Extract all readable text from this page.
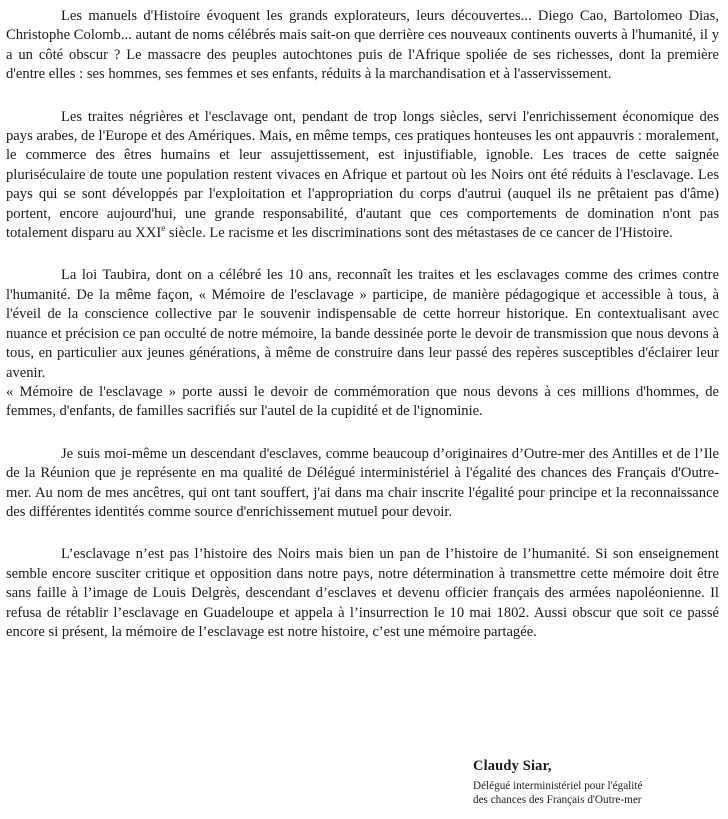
Les manuels d'Histoire évoquent les grands explorateurs, leurs découvertes... Diego Cao, Bartolomeo Dias, Christophe Colomb... autant de noms célébrés mais sait-on que derrière ces nouveaux continents ouverts à l'humanité, il y a un côté obscur ? Le massacre des peuples autochtones puis de l'Afrique spoliée de ses richesses, dont la première d'entre elles : ses hommes, ses femmes et ses enfants, réduits à la marchandisation et à l'asservissement.

Les traites négrières et l'esclavage ont, pendant de trop longs siècles, servi l'enrichissement économique des pays arabes, de l'Europe et des Amériques. Mais, en même temps, ces pratiques honteuses les ont appauvris : moralement, le commerce des êtres humains et leur assujettissement, est injustifiable, ignoble. Les traces de cette saignée pluriséculaire de toute une population restent vivaces en Afrique et partout où les Noirs ont été réduits à l'esclavage. Les pays qui se sont développés par l'exploitation et l'appropriation du corps d'autrui (auquel ils ne prêtaient pas d'âme) portent, encore aujourd'hui, une grande responsabilité, d'autant que ces comportements de domination n'ont pas totalement disparu au XXIe siècle. Le racisme et les discriminations sont des métastases de ce cancer de l'Histoire.

La loi Taubira, dont on a célébré les 10 ans, reconnaît les traites et les esclavages comme des crimes contre l'humanité. De la même façon, « Mémoire de l'esclavage » participe, de manière pédagogique et accessible à tous, à l'éveil de la conscience collective par le souvenir indispensable de cette horreur historique. En contextualisant avec nuance et précision ce pan occulté de notre mémoire, la bande dessinée porte le devoir de transmission que nous devons à tous, en particulier aux jeunes générations, à même de construire dans leur passé des repères susceptibles d'éclairer leur avenir.

« Mémoire de l'esclavage » porte aussi le devoir de commémoration que nous devons à ces millions d'hommes, de femmes, d'enfants, de familles sacrifiés sur l'autel de la cupidité et de l'ignominie.

Je suis moi-même un descendant d'esclaves, comme beaucoup d’originaires d’Outre-mer des Antilles et de l’Ile de la Réunion que je représente en ma qualité de Délégué interministériel à l'égalité des chances des Français d'Outre-mer. Au nom de mes ancêtres, qui ont tant souffert, j'ai dans ma chair inscrite l'égalité pour principe et la reconnaissance des différentes identités comme source d'enrichissement mutuel pour devoir.

L’esclavage n’est pas l’histoire des Noirs mais bien un pan de l’histoire de l’humanité. Si son enseignement semble encore susciter critique et opposition dans notre pays, notre détermination à transmettre cette mémoire doit être sans faille à l’image de Louis Delgrès, descendant d’esclaves et devenu officier français des armées napoléonienne. Il refusa de rétablir l’esclavage en Guadeloupe et appela à l’insurrection le 10 mai 1802. Aussi obscur que soit ce passé encore si présent, la mémoire de l’esclavage est notre histoire, c’est une mémoire partagée.

Claudy Siar,

Délégué interministériel pour l'égalité

des chances des Français d'Outre-mer
